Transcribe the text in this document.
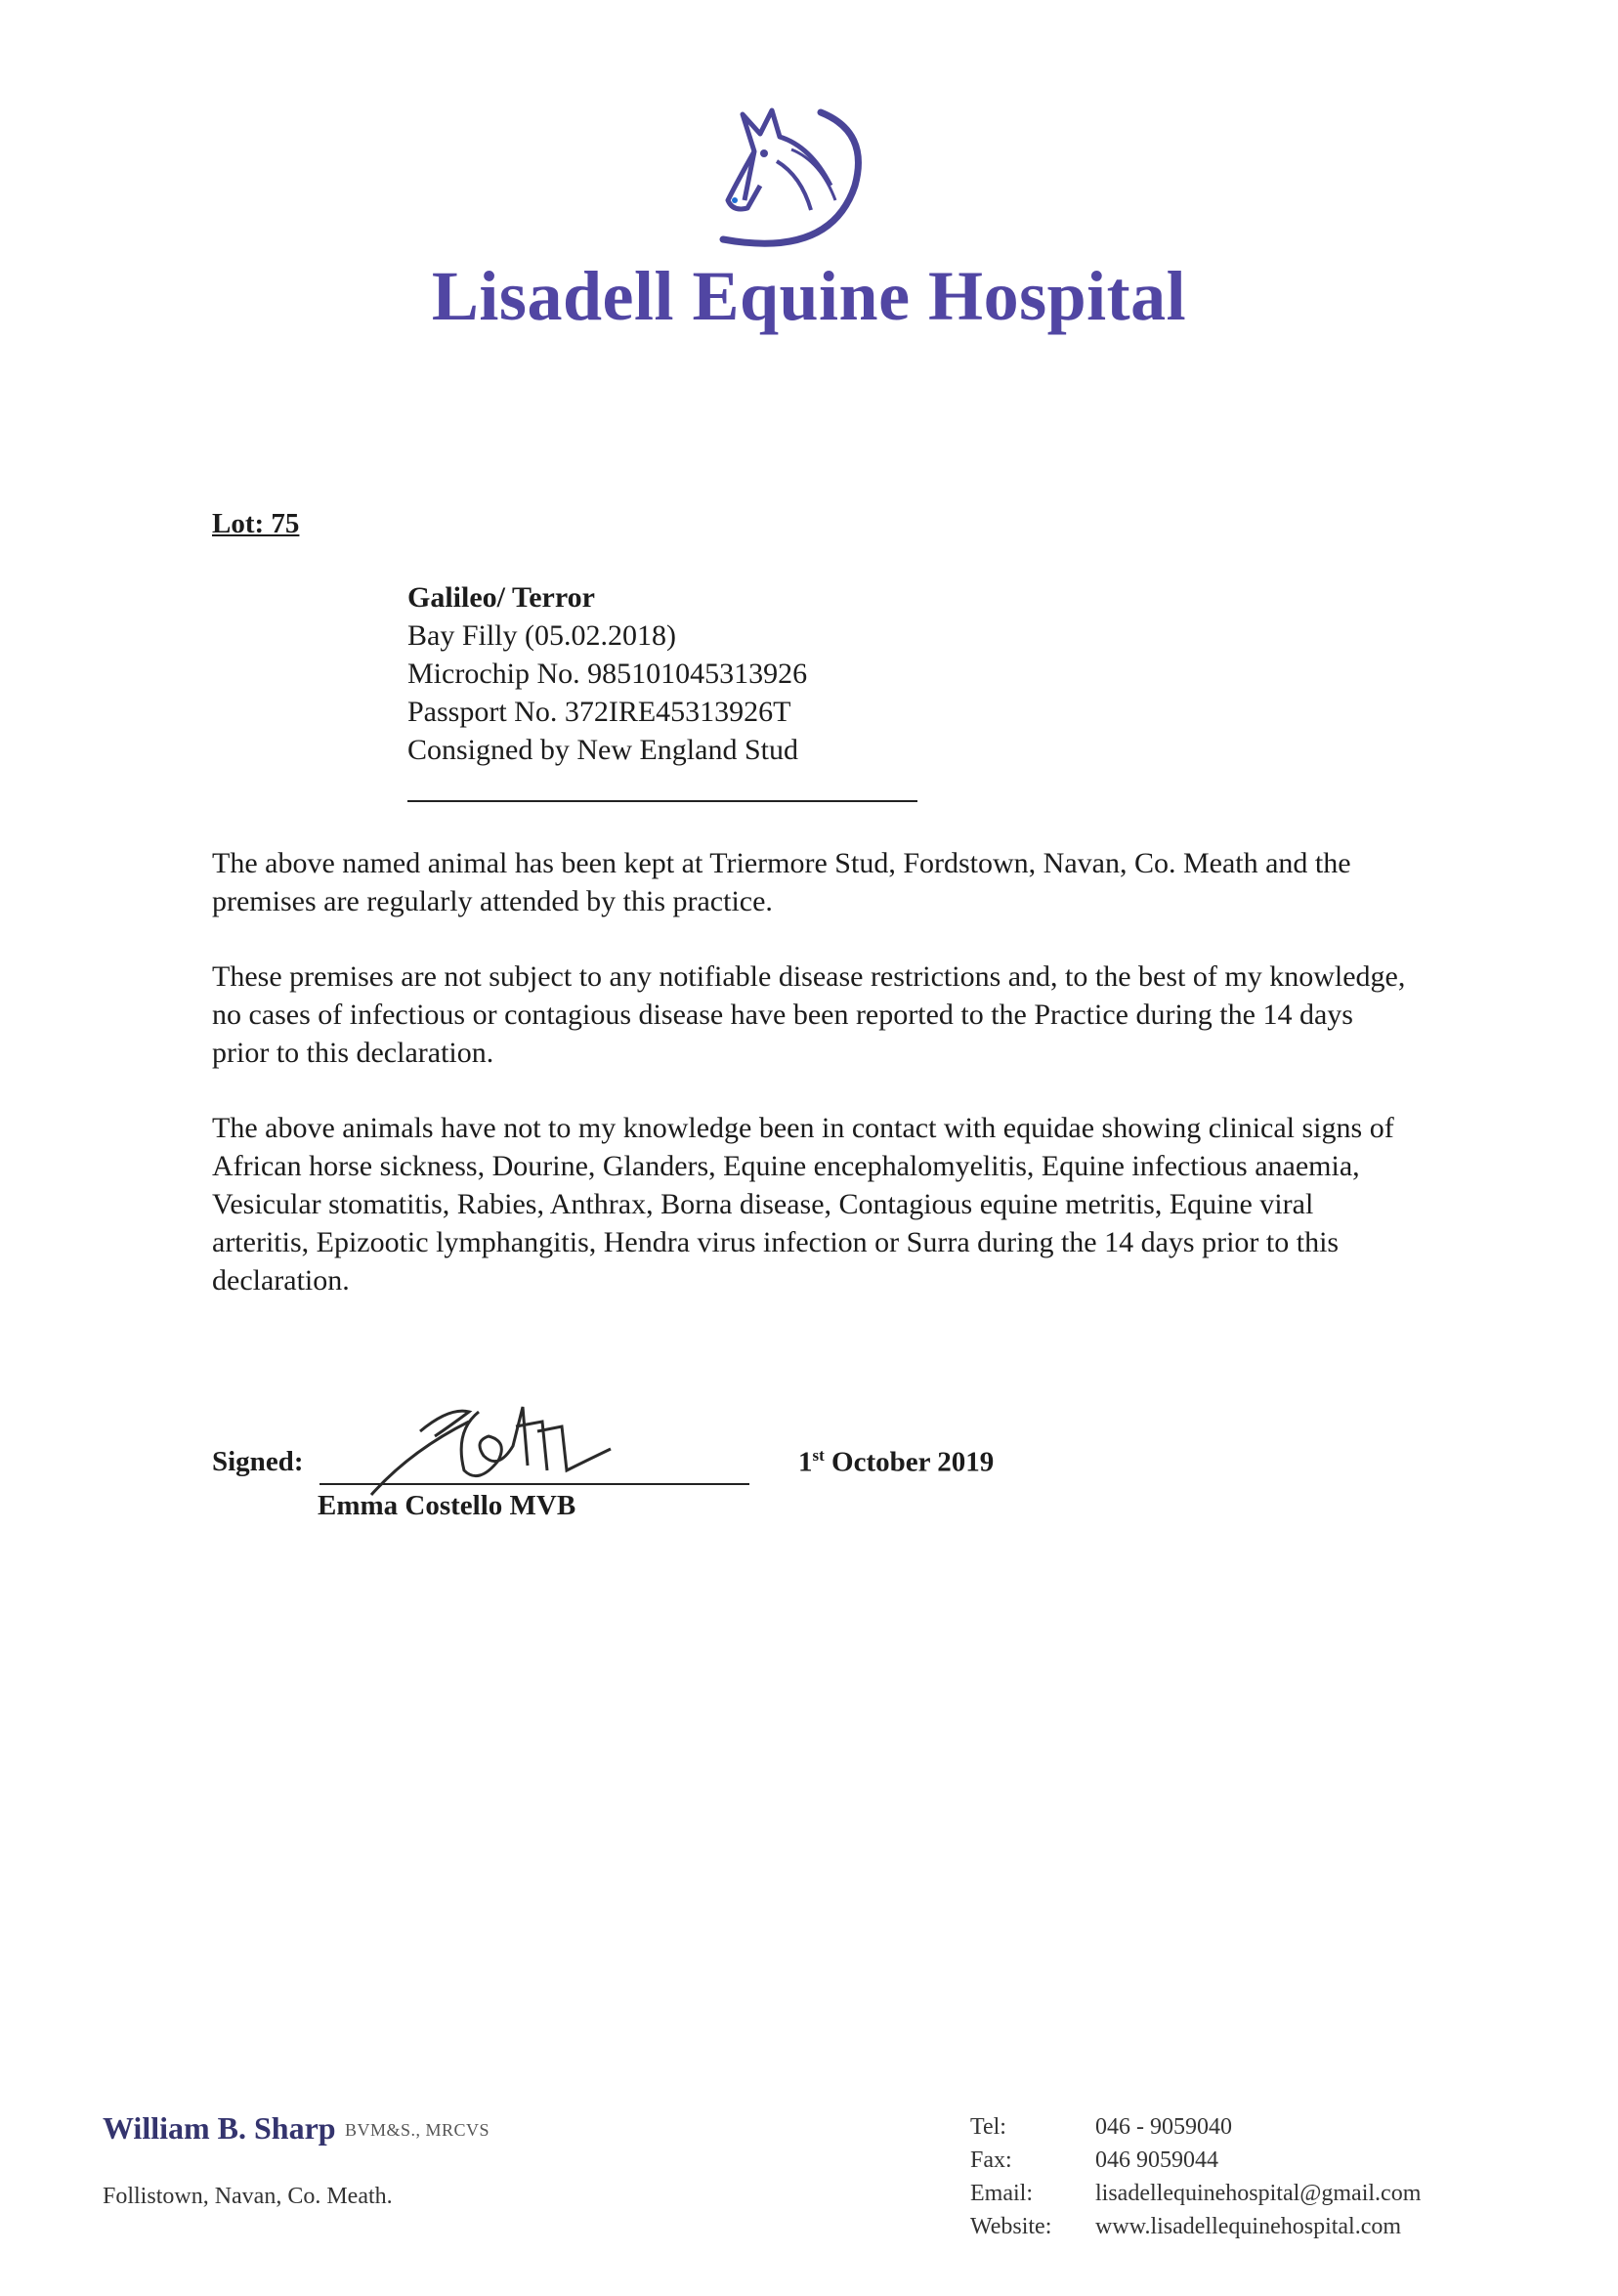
Lisadell Equine Hospital
Lot: 75
Galileo/ Terror
Bay Filly (05.02.2018)
Microchip No. 985101045313926
Passport No. 372IRE45313926T
Consigned by New England Stud
The above named animal has been kept at Triermore Stud, Fordstown, Navan, Co. Meath and the premises are regularly attended by this practice.
These premises are not subject to any notifiable disease restrictions and, to the best of my knowledge, no cases of infectious or contagious disease have been reported to the Practice during the 14 days prior to this declaration.
The above animals have not to my knowledge been in contact with equidae showing clinical signs of African horse sickness, Dourine, Glanders, Equine encephalomyelitis, Equine infectious anaemia, Vesicular stomatitis, Rabies, Anthrax, Borna disease, Contagious equine metritis, Equine viral arteritis, Epizootic lymphangitis, Hendra virus infection or Surra during the 14 days prior to this declaration.
Signed:
Emma Costello MVB
1st October 2019
William B. Sharp BVM&S., MRCVS
Follistown, Navan, Co. Meath.
Tel:	046 - 9059040
Fax:	046 9059044
Email:	lisadellequinehospital@gmail.com
Website:	www.lisadellequinehospital.com
